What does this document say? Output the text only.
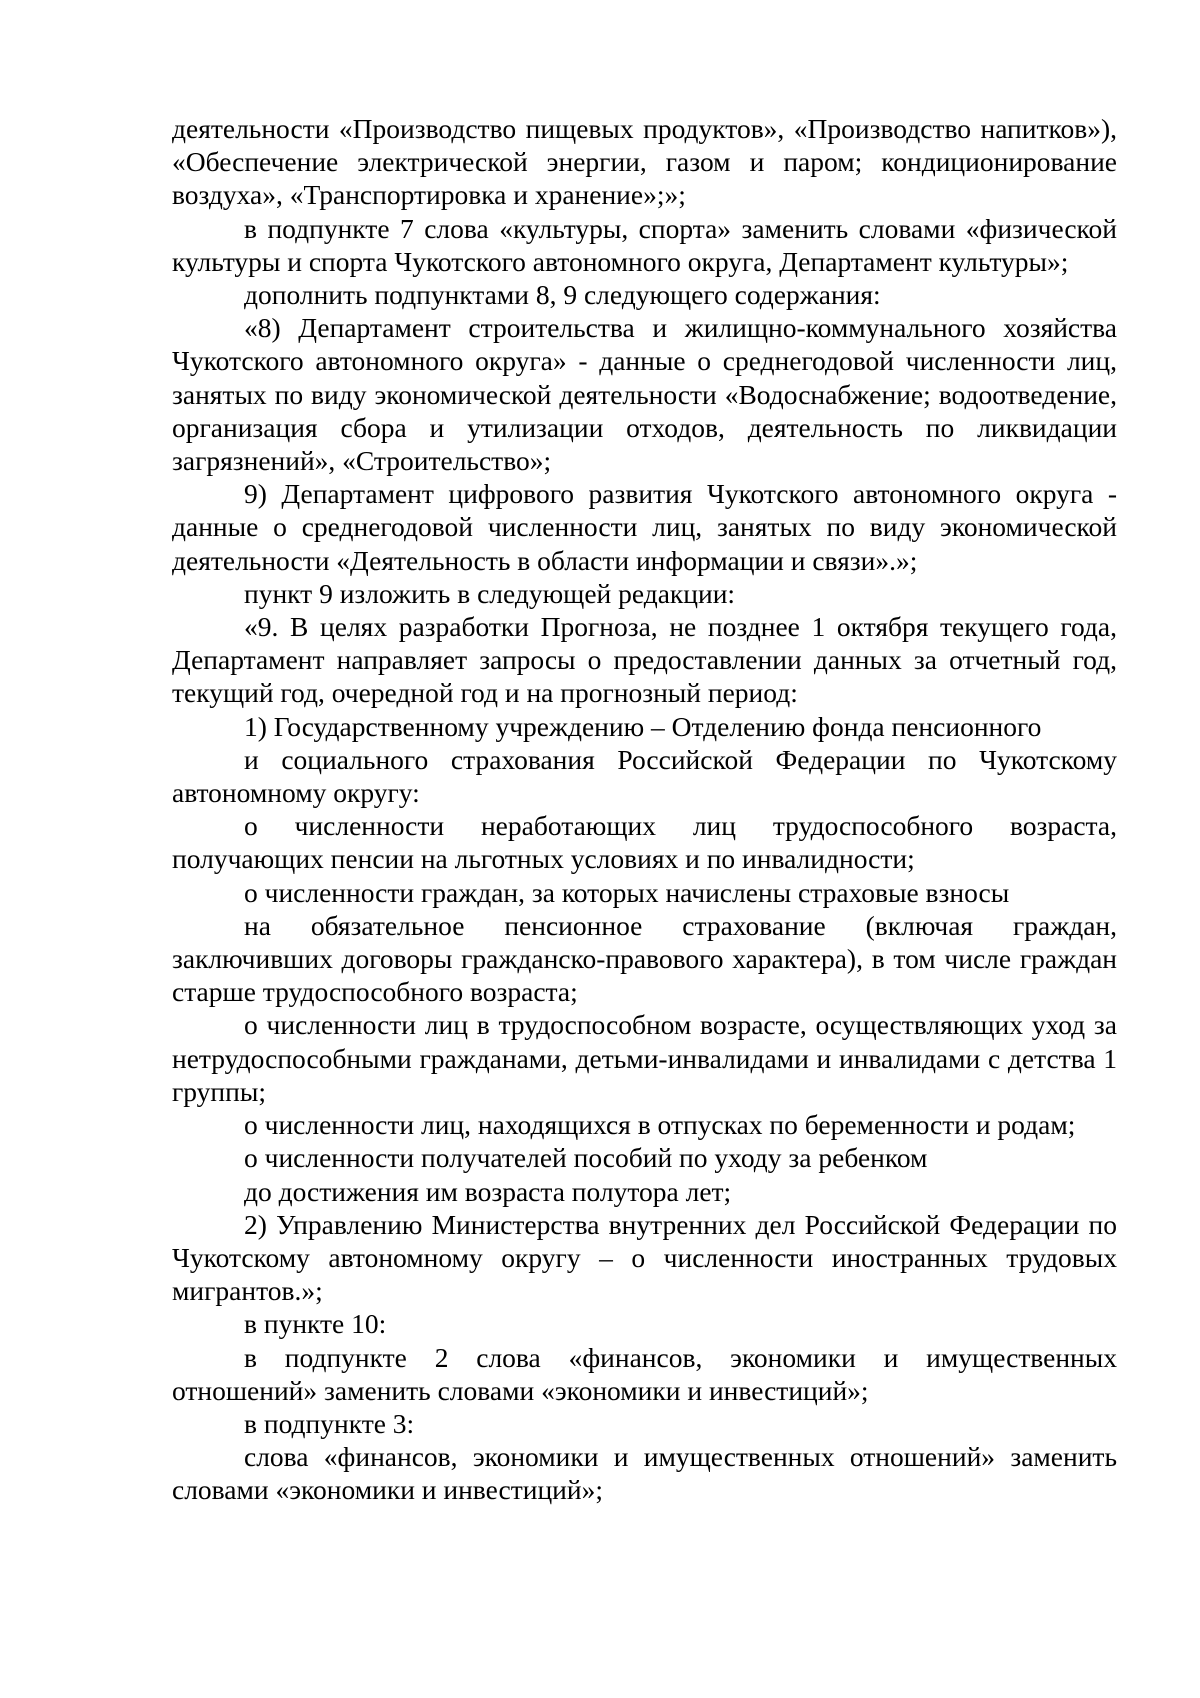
деятельности «Производство пищевых продуктов», «Производство напитков»), «Обеспечение электрической энергии, газом и паром; кондиционирование воздуха», «Транспортировка и хранение»;»;

в подпункте 7 слова «культуры, спорта» заменить словами «физической культуры и спорта Чукотского автономного округа, Департамент культуры»;

дополнить подпунктами 8, 9 следующего содержания:

«8) Департамент строительства и жилищно-коммунального хозяйства Чукотского автономного округа» - данные о среднегодовой численности лиц, занятых по виду экономической деятельности «Водоснабжение; водоотведение, организация сбора и утилизации отходов, деятельность по ликвидации загрязнений», «Строительство»;

9) Департамент цифрового развития Чукотского автономного округа - данные о среднегодовой численности лиц, занятых по виду экономической деятельности «Деятельность в области информации и связи».»;

пункт 9 изложить в следующей редакции:

«9. В целях разработки Прогноза, не позднее 1 октября текущего года, Департамент направляет запросы о предоставлении данных за отчетный год, текущий год, очередной год и на прогнозный период:

1) Государственному учреждению – Отделению фонда пенсионного

и социального страхования Российской Федерации по Чукотскому автономному округу:

о численности неработающих лиц трудоспособного возраста, получающих пенсии на льготных условиях и по инвалидности;

о численности граждан, за которых начислены страховые взносы

на обязательное пенсионное страхование (включая граждан, заключивших договоры гражданско-правового характера), в том числе граждан старше трудоспособного возраста;

о численности лиц в трудоспособном возрасте, осуществляющих уход за нетрудоспособными гражданами, детьми-инвалидами и инвалидами с детства 1 группы;

о численности лиц, находящихся в отпусках по беременности и родам;

о численности получателей пособий по уходу за ребенком

до достижения им возраста полутора лет;

2) Управлению Министерства внутренних дел Российской Федерации по Чукотскому автономному округу – о численности иностранных трудовых мигрантов.»;

в пункте 10:

в подпункте 2 слова «финансов, экономики и имущественных отношений» заменить словами «экономики и инвестиций»;

в подпункте 3:

слова «финансов, экономики и имущественных отношений» заменить словами «экономики и инвестиций»;
